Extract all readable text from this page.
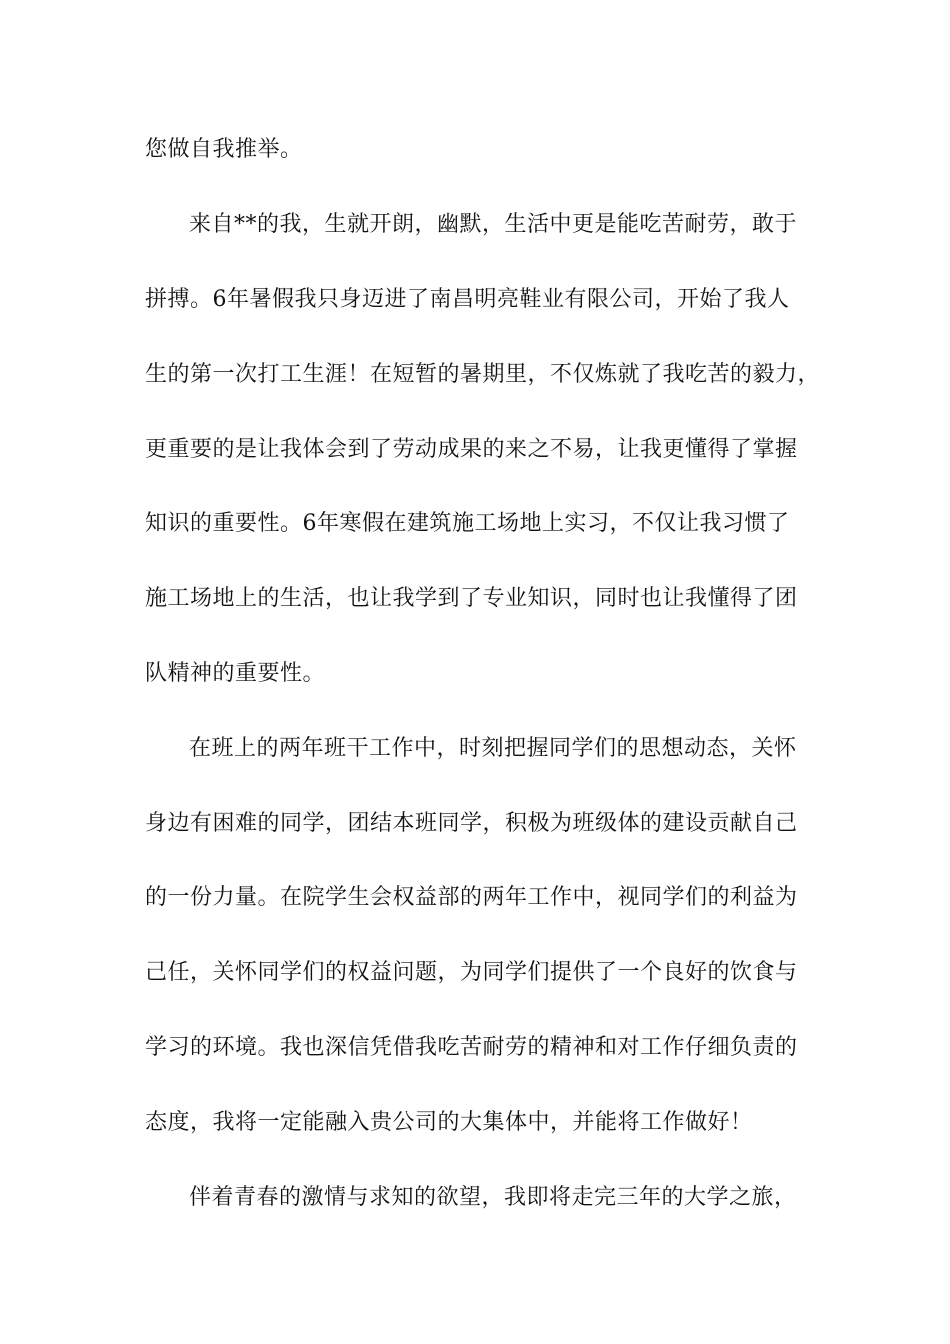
您做自我推举。
来自**的我，生就开朗，幽默，生活中更是能吃苦耐劳，敢于
拼搏。6年暑假我只身迈进了南昌明亮鞋业有限公司，开始了我人
生的第一次打工生涯！在短暂的暑期里，不仅炼就了我吃苦的毅力，
更重要的是让我体会到了劳动成果的来之不易，让我更懂得了掌握
知识的重要性。6年寒假在建筑施工场地上实习，不仅让我习惯了
施工场地上的生活，也让我学到了专业知识，同时也让我懂得了团
队精神的重要性。
在班上的两年班干工作中，时刻把握同学们的思想动态，关怀
身边有困难的同学，团结本班同学，积极为班级体的建设贡献自己
的一份力量。在院学生会权益部的两年工作中，视同学们的利益为
己任，关怀同学们的权益问题，为同学们提供了一个良好的饮食与
学习的环境。我也深信凭借我吃苦耐劳的精神和对工作仔细负责的
态度，我将一定能融入贵公司的大集体中，并能将工作做好！
伴着青春的激情与求知的欲望，我即将走完三年的大学之旅，
